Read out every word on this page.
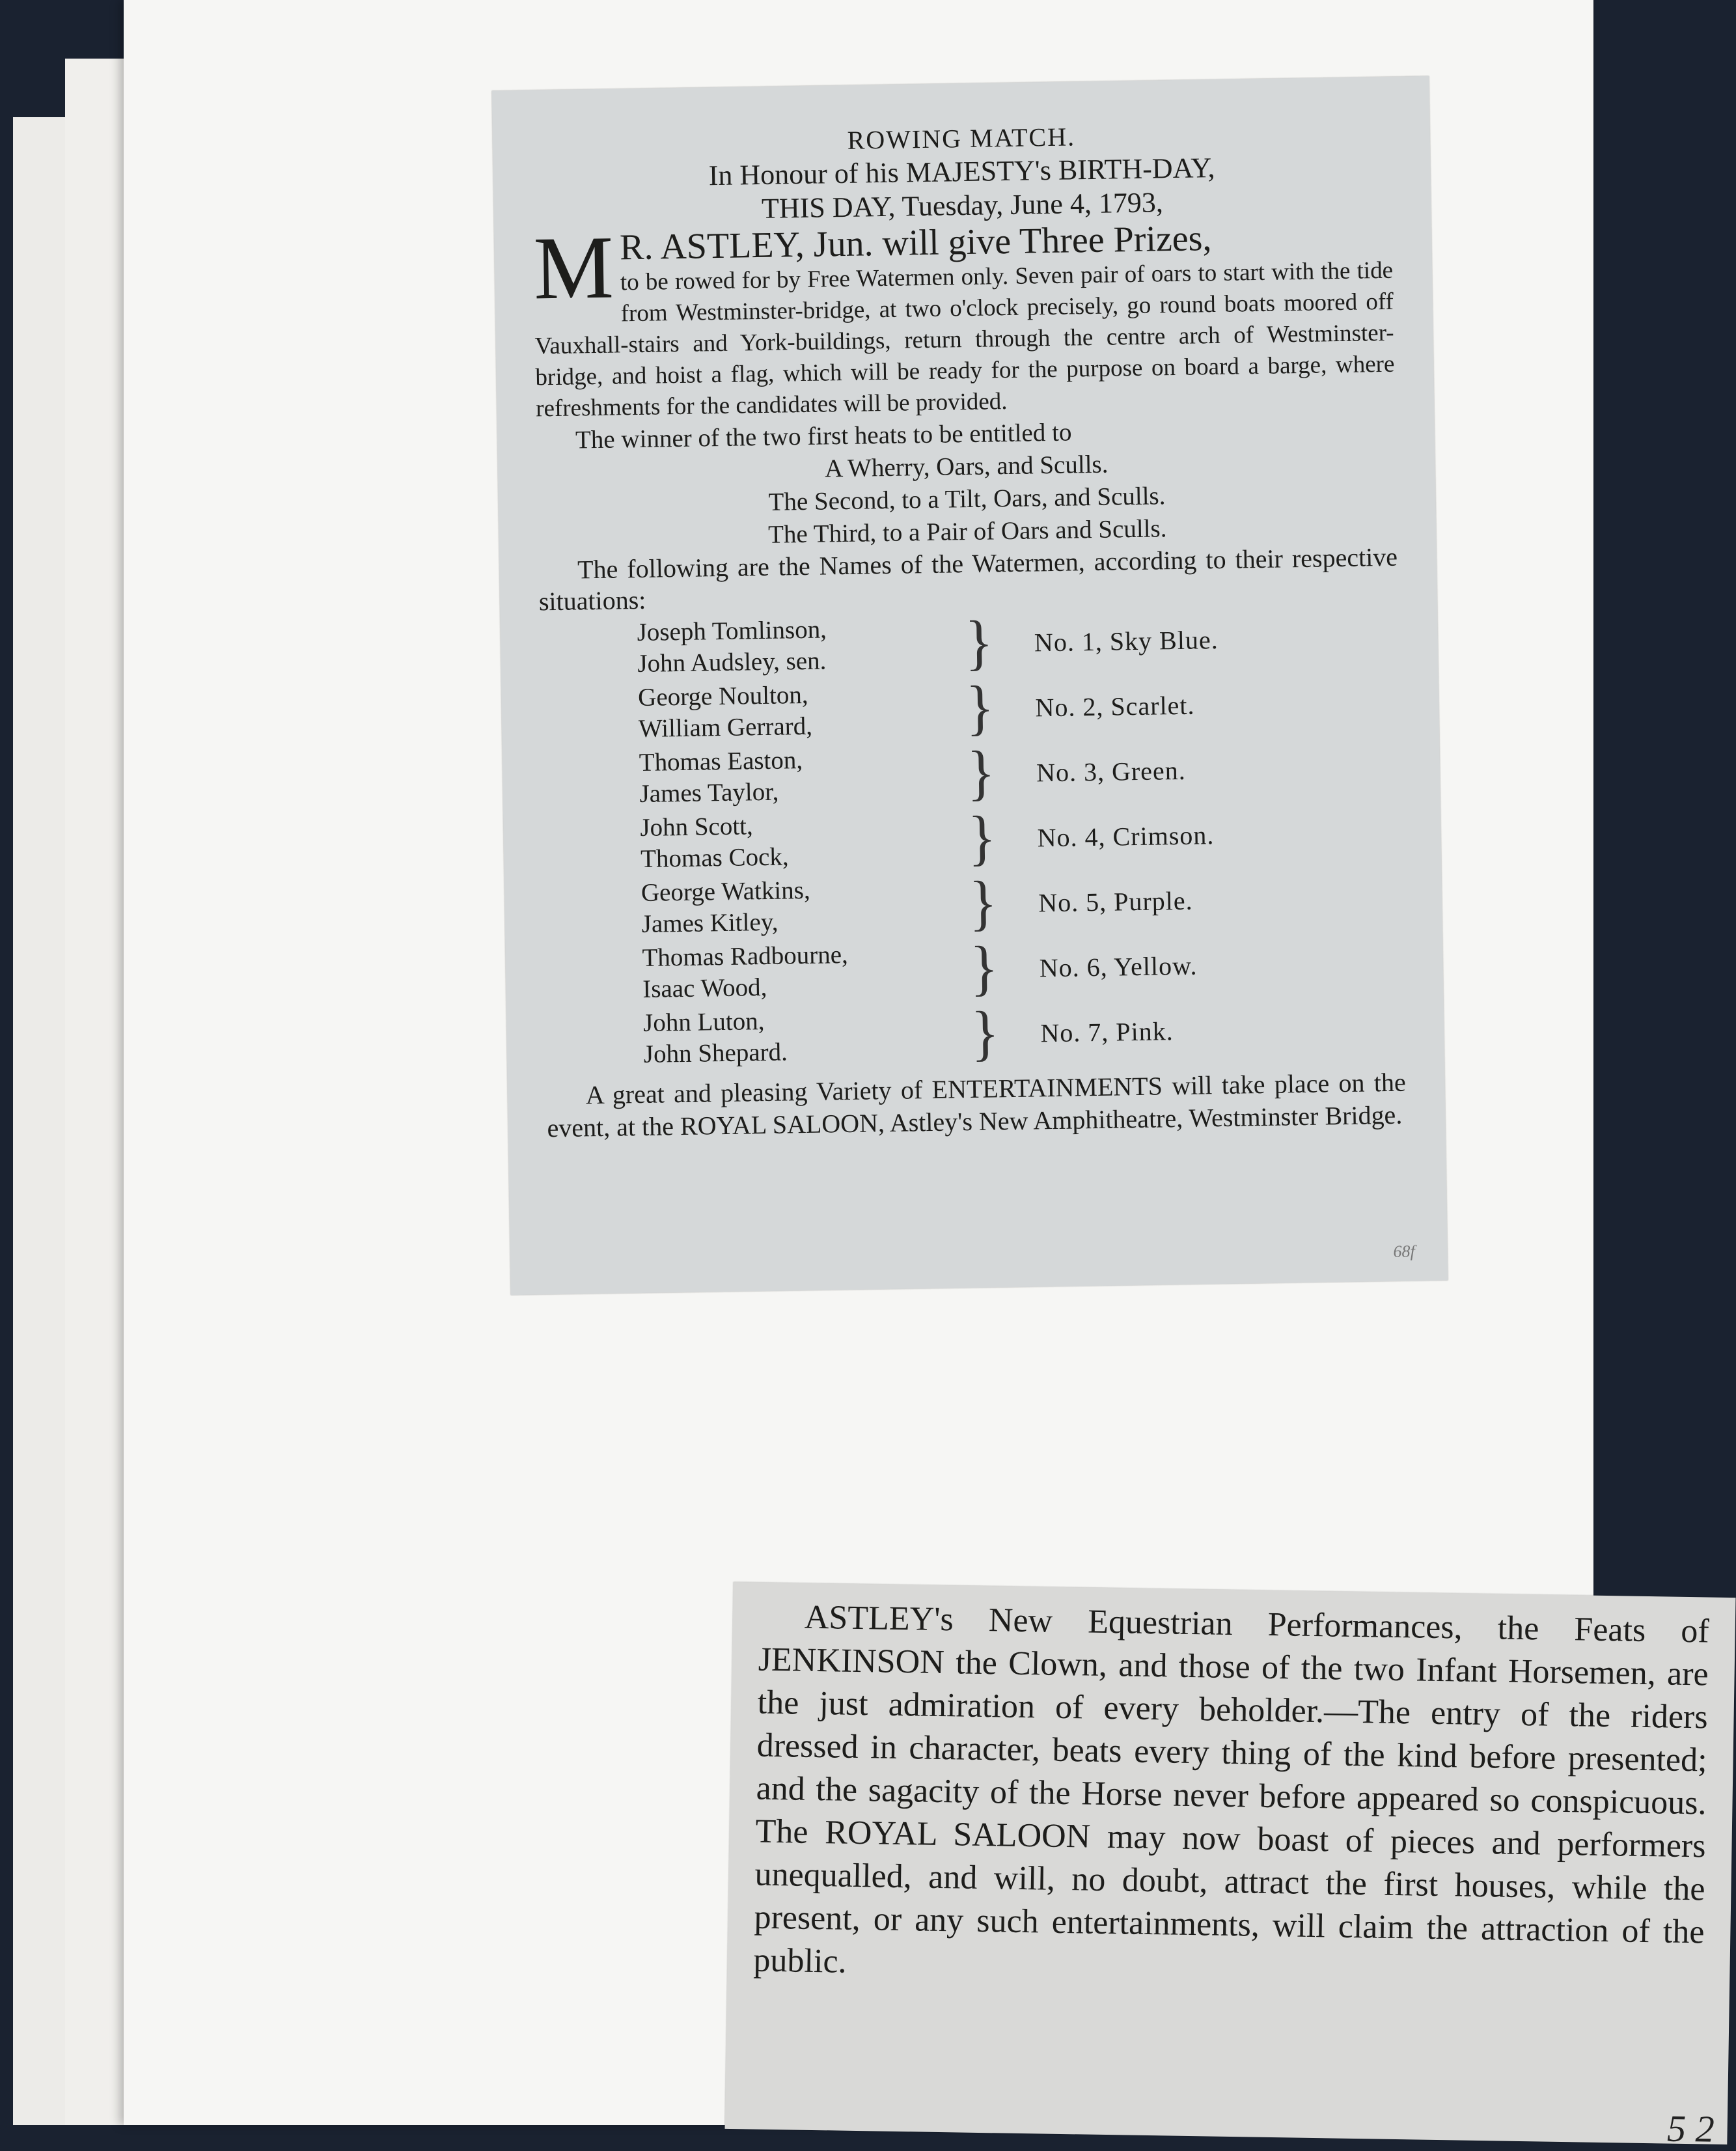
ROWING MATCH.
In Honour of his MAJESTY's BIRTH-DAY,
THIS DAY, Tuesday, June 4, 1793,
M R. ASTLEY, Jun. will give Three Prizes,

to be rowed for by Free Watermen only. Seven pair of oars to start with the tide from Westminster-bridge, at two o'clock precisely, go round boats moored off Vauxhall-stairs and York-buildings, return through the centre arch of Westminster-bridge, and hoist a flag, which will be ready for the purpose on board a barge, where refreshments for the candidates will be provided.

The winner of the two first heats to be entitled to
A Wherry, Oars, and Sculls.
The Second, to a Tilt, Oars, and Sculls.
The Third, to a Pair of Oars and Sculls.

The following are the Names of the Watermen, according to their respective situations:

Joseph Tomlinson,
John Audsley, sen.	}	No. 1, Sky Blue.
George Noulton,
William Gerrard,	}	No. 2, Scarlet.
Thomas Easton,
James Taylor,	}	No. 3, Green.
John Scott,
Thomas Cock,	}	No. 4, Crimson.
George Watkins,
James Kitley,	}	No. 5, Purple.
Thomas Radbourne,
Isaac Wood,	}	No. 6, Yellow.
John Luton,
John Shepard.	}	No. 7, Pink.
A great and pleasing Variety of ENTERTAINMENTS will take place on the event, at the ROYAL SALOON, Astley's New Amphitheatre, Westminster Bridge.
68f

ASTLEY's New Equestrian Performances, the Feats of JENKINSON the Clown, and those of the two Infant Horsemen, are the just admiration of every beholder.—The entry of the riders dressed in character, beats every thing of the kind before presented; and the sagacity of the Horse never before appeared so conspicuous. The ROYAL SALOON may now boast of pieces and performers unequalled, and will, no doubt, attract the first houses, while the present, or any such entertainments, will claim the attraction of the public.

5 2
